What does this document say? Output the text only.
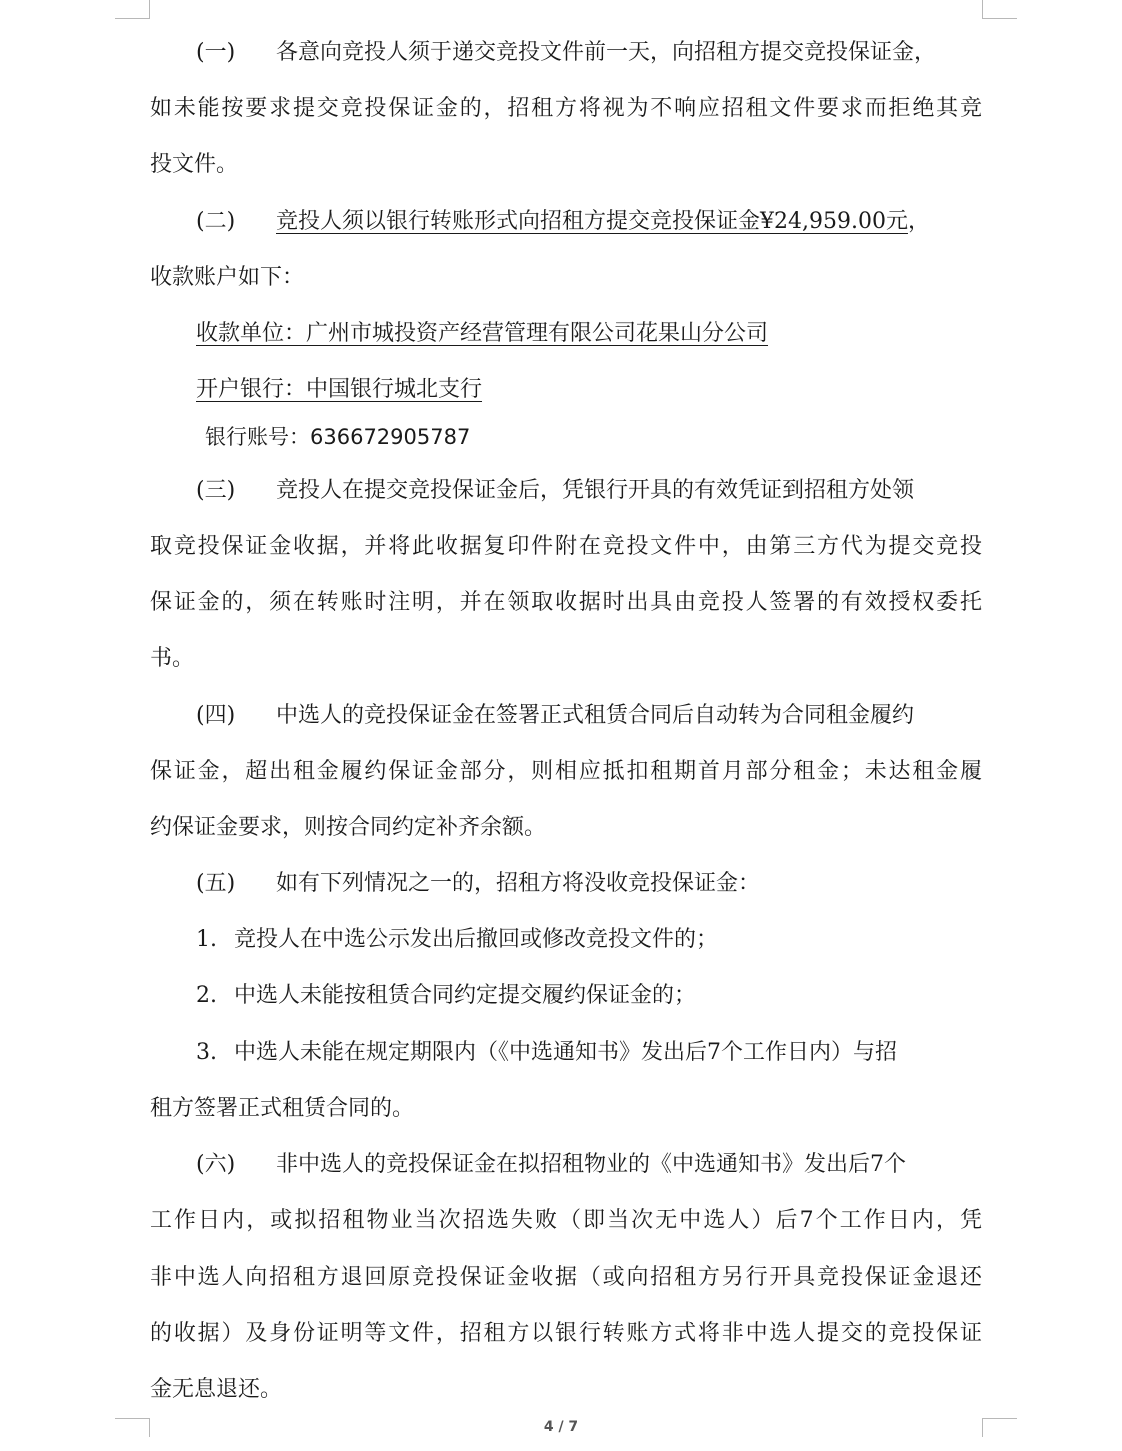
(一) 各意向竞投人须于递交竞投文件前一天，向招租方提交竞投保证金，
如未能按要求提交竞投保证金的，招租方将视为不响应招租文件要求而拒绝其竞
投文件。
(二) 竞投人须以银行转账形式向招租方提交竞投保证金¥24,959.00元，
收款账户如下：
收款单位：广州市城投资产经营管理有限公司花果山分公司
开户银行：中国银行城北支行
银行账号：636672905787
(三) 竞投人在提交竞投保证金后，凭银行开具的有效凭证到招租方处领
取竞投保证金收据，并将此收据复印件附在竞投文件中，由第三方代为提交竞投
保证金的，须在转账时注明，并在领取收据时出具由竞投人签署的有效授权委托
书。
(四) 中选人的竞投保证金在签署正式租赁合同后自动转为合同租金履约
保证金，超出租金履约保证金部分，则相应抵扣租期首月部分租金；未达租金履
约保证金要求，则按合同约定补齐余额。
(五) 如有下列情况之一的，招租方将没收竞投保证金：
1. 竞投人在中选公示发出后撤回或修改竞投文件的；
2. 中选人未能按租赁合同约定提交履约保证金的；
3. 中选人未能在规定期限内（《中选通知书》发出后7个工作日内）与招
租方签署正式租赁合同的。
(六) 非中选人的竞投保证金在拟招租物业的《中选通知书》发出后7个
工作日内，或拟招租物业当次招选失败（即当次无中选人）后7个工作日内，凭
非中选人向招租方退回原竞投保证金收据（或向招租方另行开具竞投保证金退还
的收据）及身份证明等文件，招租方以银行转账方式将非中选人提交的竞投保证
金无息退还。
4 / 7
